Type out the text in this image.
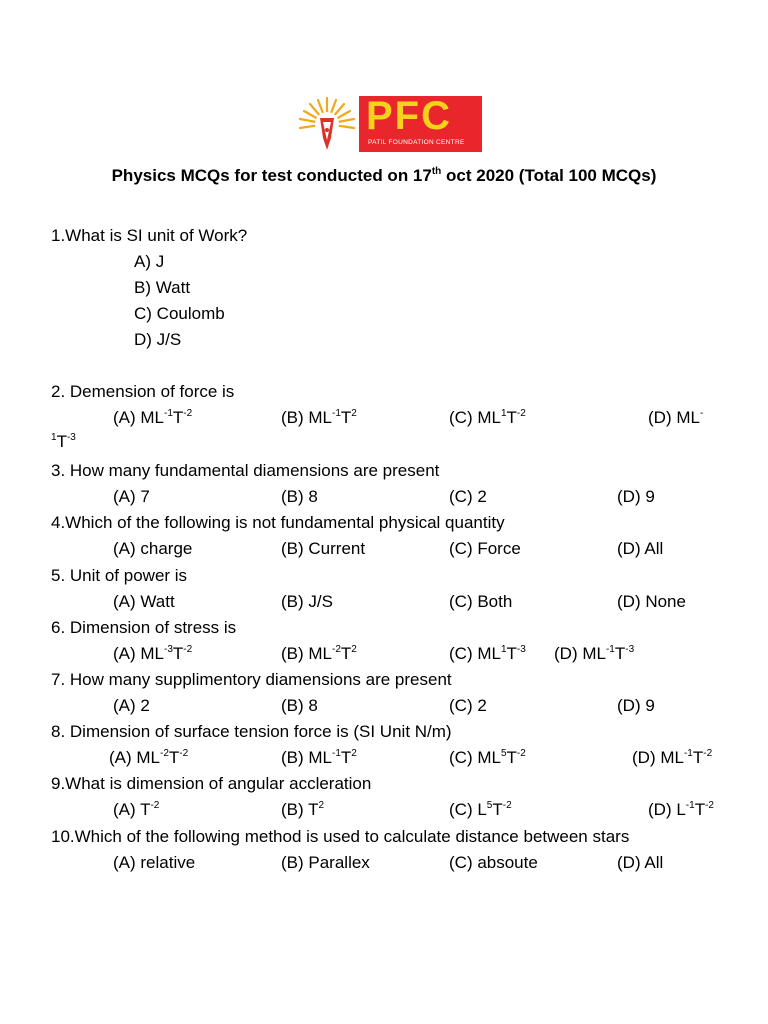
PFC
PATIL FOUNDATION CENTRE
Physics MCQs for test conducted on 17th oct 2020 (Total 100 MCQs)
1.What is SI unit of Work?
A) J
B) Watt
C) Coulomb
D) J/S
2. Demension of force is
(A) $ML^{-1}T^{-2}$	(B) $ML^{-1}T^2$	(C) $ML^1T^{-2}$	(D) ML-
$^1T^{-3}$
3. How many fundamental diamensions are present
(A) 7	(B) 8	(C) 2	(D) 9
4.Which of the following is not fundamental physical quantity
(A) charge	(B) Current	(C) Force	(D) All
5. Unit of power is
(A) Watt	(B) J/S	(C) Both	(D) None
6. Dimension of stress is
(A) $ML^{-3}T^{-2}$	(B) $ML^{-2}T^2$	(C) $ML^1T^{-3}$ (D) $ML^{-1}T^{-3}$
7. How many supplimentory diamensions are present
(A) 2	(B) 8	(C) 2	(D) 9
8. Dimension of surface tension force is (SI Unit N/m)
(A) $ML^{-2}T^{-2}$	(B) $ML^{-1}T^2$	(C) $ML^5T^{-2}$	(D) $ML^{-1}T^{-2}$
9.What is dimension of angular accleration
(A) $T^{-2}$	(B) $T^2$	(C) $L^5T^{-2}$	(D) $L^{-1}T^{-2}$
10.Which of the following method is used to calculate distance between stars
(A) relative	(B) Parallex	(C) absoute	(D) All
